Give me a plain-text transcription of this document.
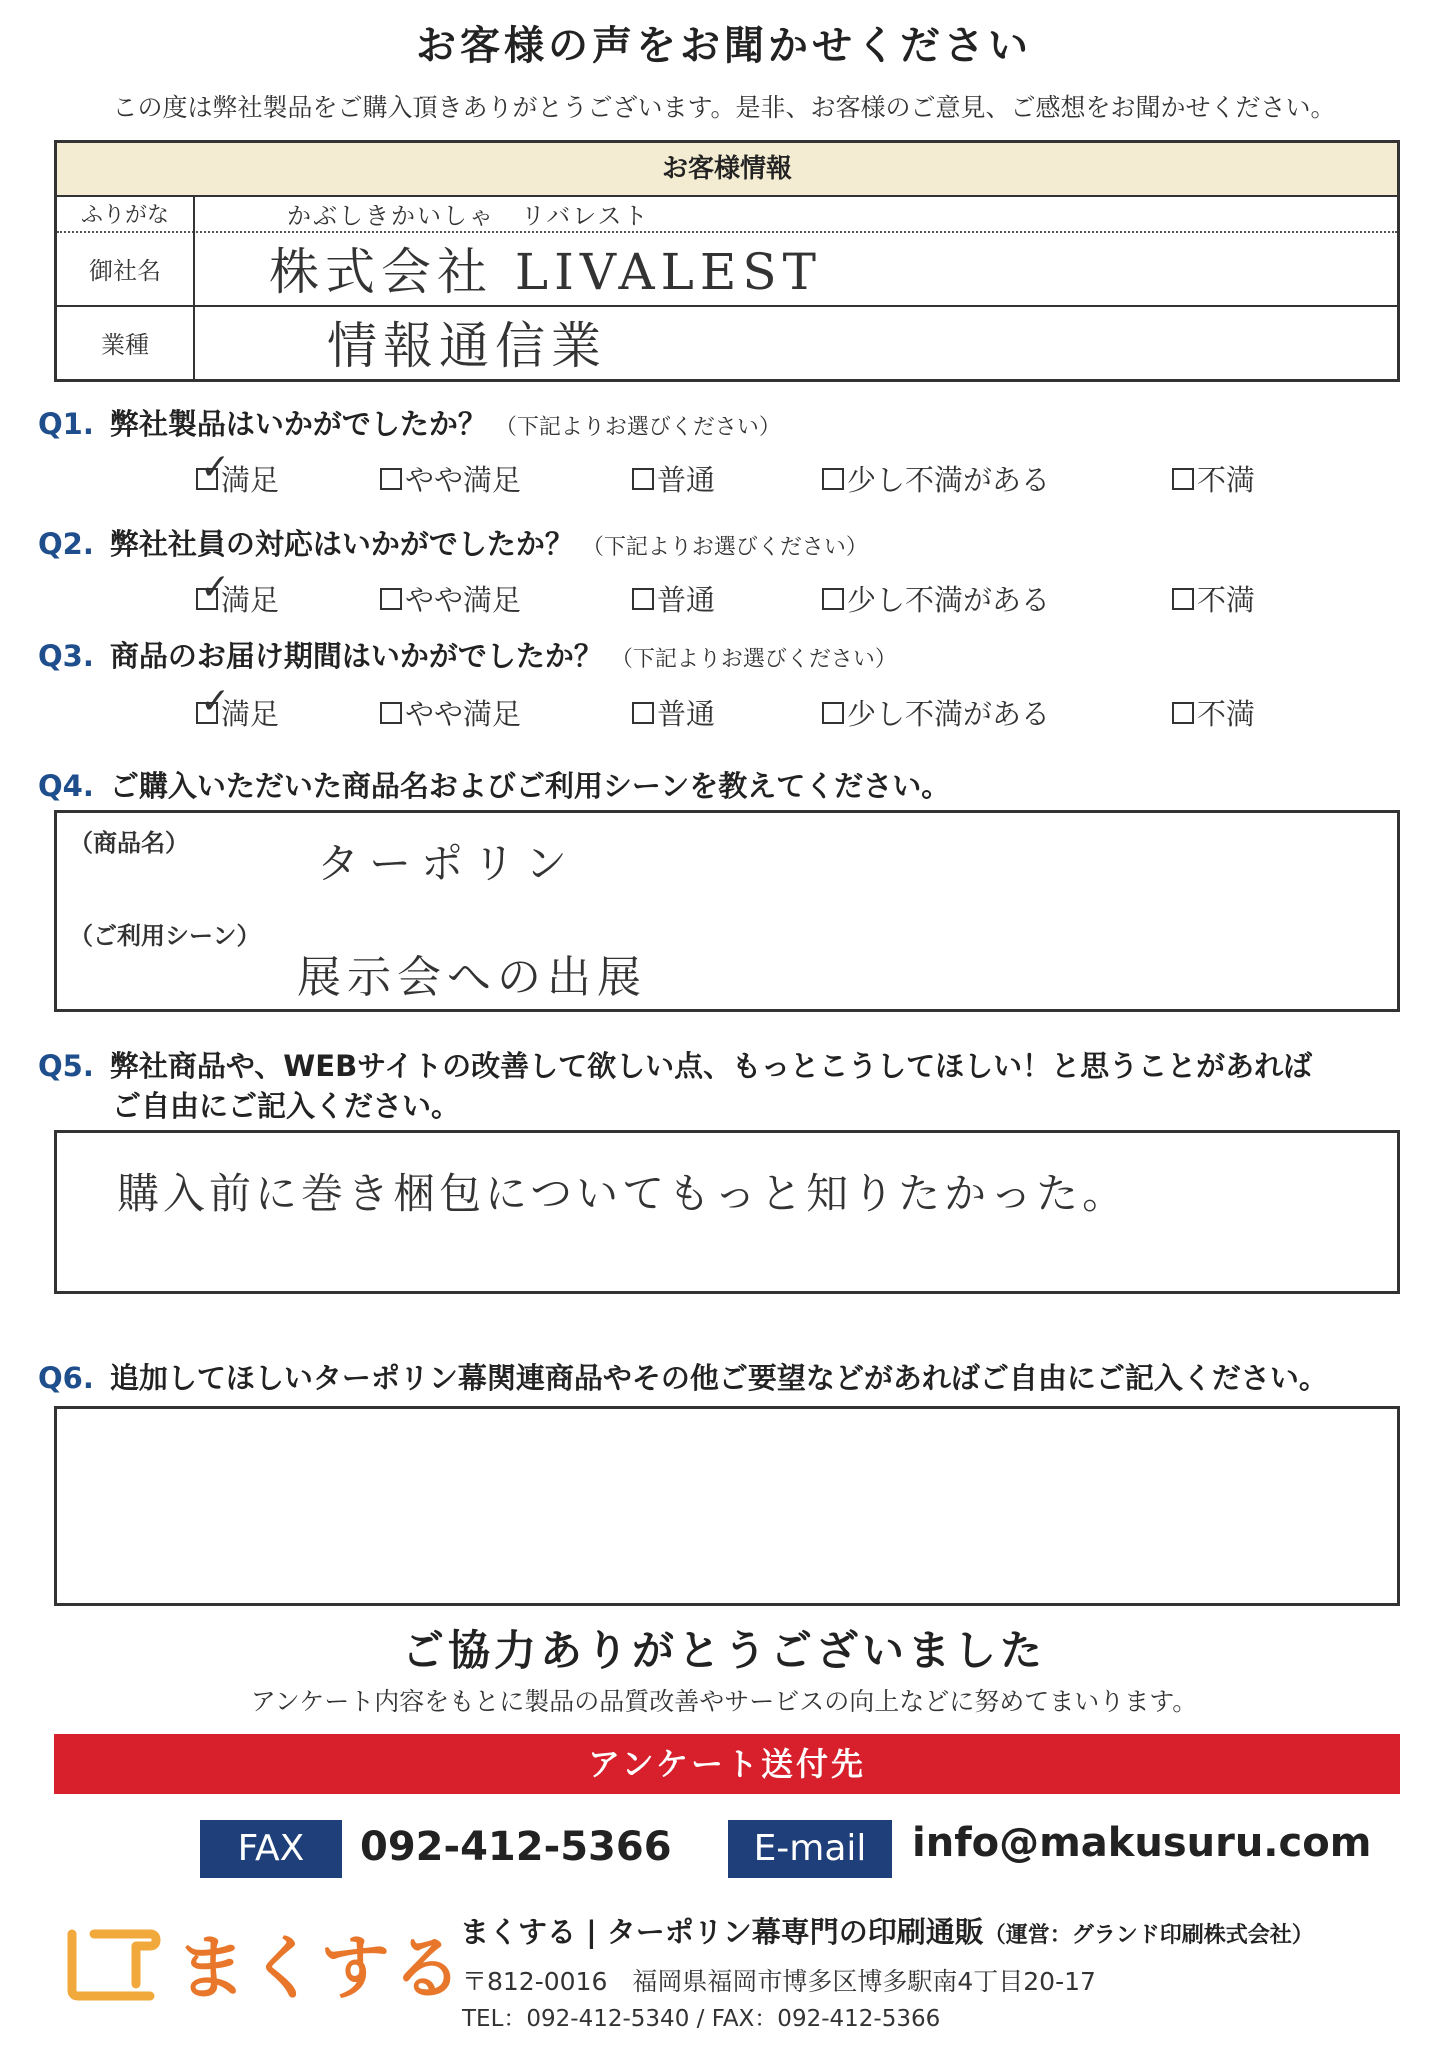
お客様の声をお聞かせください
この度は弊社製品をご購入頂きありがとうございます。是非、お客様のご意見、ご感想をお聞かせください。
お客様情報
ふりがな	かぶしきかいしゃ　リバレスト
御社名	株式会社 LIVALEST
業種	情報通信業
Q1. 弊社製品はいかがでしたか？ （下記よりお選びください）
✓
満足	やや満足	普通	少し不満がある	不満
Q2. 弊社社員の対応はいかがでしたか？ （下記よりお選びください）
✓
満足	やや満足	普通	少し不満がある	不満
Q3. 商品のお届け期間はいかがでしたか？ （下記よりお選びください）
✓
満足	やや満足	普通	少し不満がある	不満
Q4. ご購入いただいた商品名およびご利用シーンを教えてください。
（商品名）	ターポリン
（ご利用シーン）
展示会への出展
Q5. 弊社商品や、WEBサイトの改善して欲しい点、もっとこうしてほしい！と思うことがあれば
ご自由にご記入ください。
購入前に巻き梱包についてもっと知りたかった。
Q6. 追加してほしいターポリン幕関連商品やその他ご要望などがあればご自由にご記入ください。
ご協力ありがとうございました
アンケート内容をもとに製品の品質改善やサービスの向上などに努めてまいります。
アンケート送付先
FAX	092-412-5366	E-mail	info@makusuru.com
まくする
まくする | ターポリン幕専門の印刷通販（運営：グランド印刷株式会社）
〒812-0016　福岡県福岡市博多区博多駅南4丁目20-17
TEL：092-412-5340 / FAX：092-412-5366
